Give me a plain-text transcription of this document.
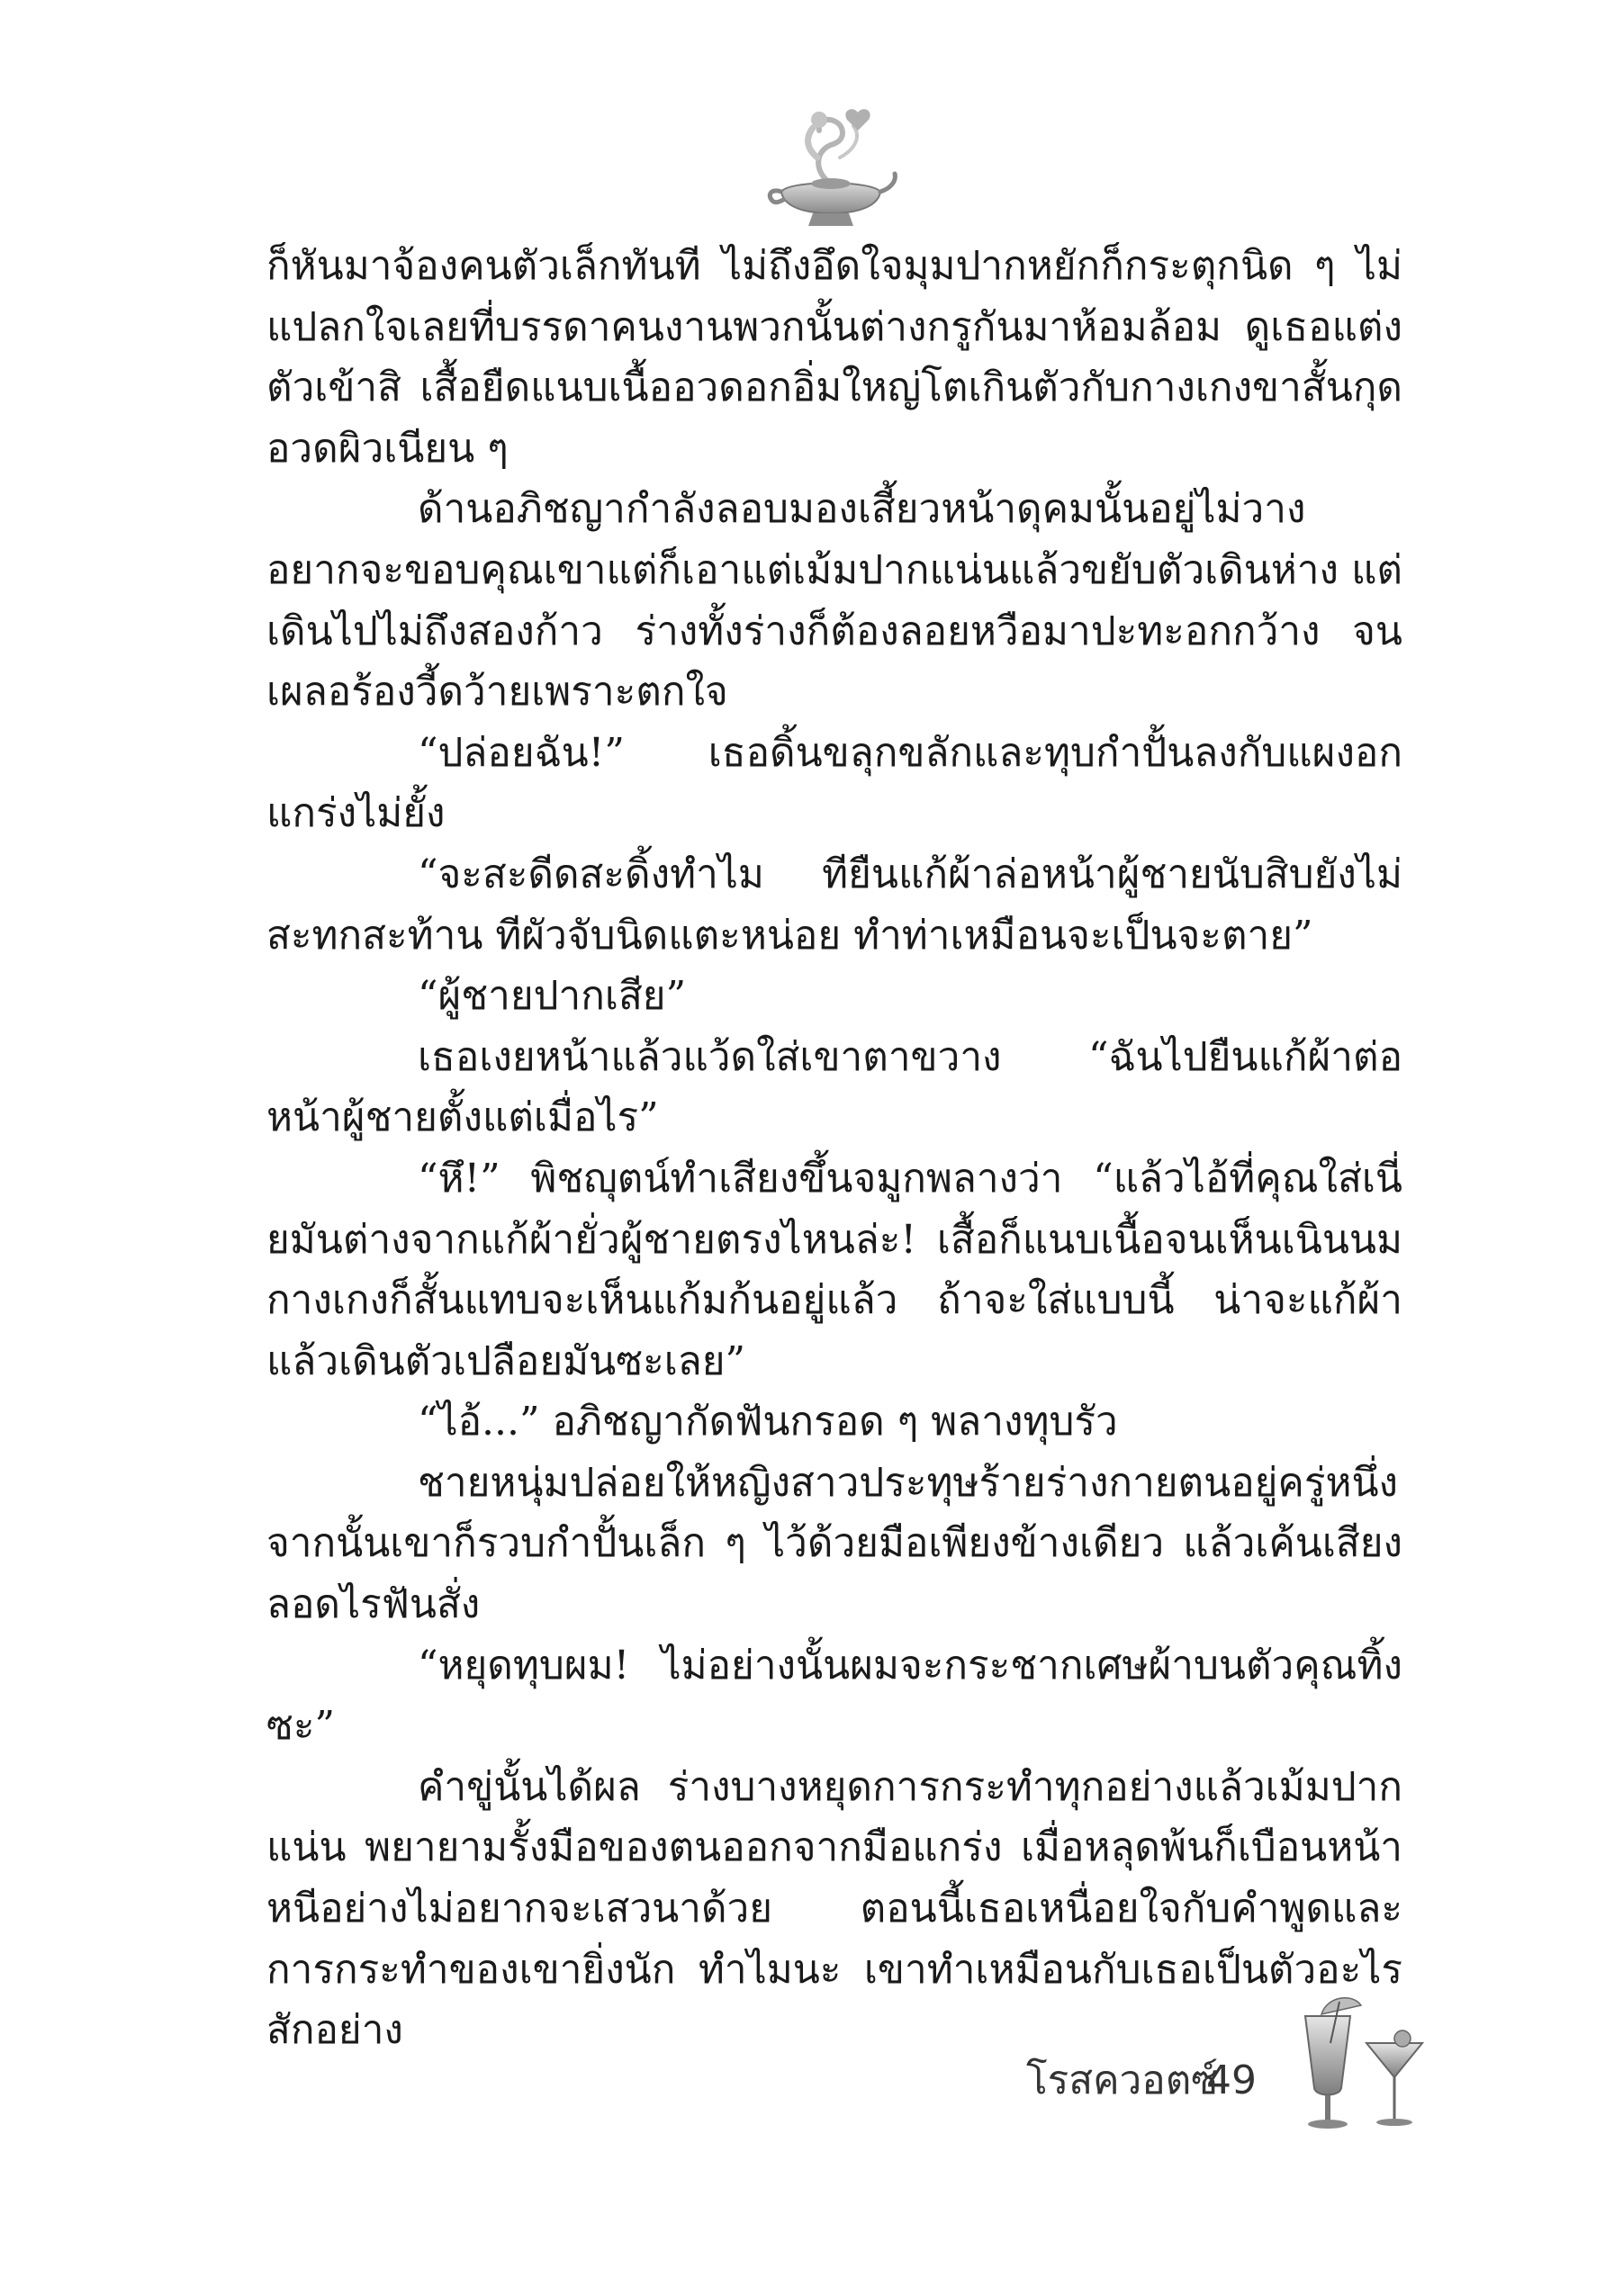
ก็หันมาจ้องคนตัวเล็กทันที ไม่ถึงอึดใจมุมปากหยักก็กระตุกนิด ๆ ไม่แปลกใจเลยที่บรรดาคนงานพวกนั้นต่างกรูกันมาห้อมล้อม ดูเธอแต่งตัวเข้าสิ เสื้อยืดแนบเนื้ออวดอกอิ่มใหญ่โตเกินตัวกับกางเกงขาสั้นกุดอวดผิวเนียน ๆ

ด้านอภิชญากำลังลอบมองเสี้ยวหน้าดุคมนั้นอยู่ไม่วาง อยากจะขอบคุณเขาแต่ก็เอาแต่เม้มปากแน่นแล้วขยับตัวเดินห่าง แต่เดินไปไม่ถึงสองก้าว ร่างทั้งร่างก็ต้องลอยหวือมาปะทะอกกว้าง จนเผลอร้องวี้ดว้ายเพราะตกใจ

“ปล่อยฉัน!” เธอดิ้นขลุกขลักและทุบกำปั้นลงกับแผงอกแกร่งไม่ยั้ง

“จะสะดีดสะดิ้งทำไม ทียืนแก้ผ้าล่อหน้าผู้ชายนับสิบยังไม่สะทกสะท้าน ทีผัวจับนิดแตะหน่อย ทำท่าเหมือนจะเป็นจะตาย”

“ผู้ชายปากเสีย”

เธอเงยหน้าแล้วแว้ดใส่เขาตาขวาง “ฉันไปยืนแก้ผ้าต่อหน้าผู้ชายตั้งแต่เมื่อไร”

“หึ!” พิชญุตน์ทำเสียงขึ้นจมูกพลางว่า “แล้วไอ้ที่คุณใส่เนี่ยมันต่างจากแก้ผ้ายั่วผู้ชายตรงไหนล่ะ! เสื้อก็แนบเนื้อจนเห็นเนินนมกางเกงก็สั้นแทบจะเห็นแก้มก้นอยู่แล้ว ถ้าจะใส่แบบนี้ น่าจะแก้ผ้าแล้วเดินตัวเปลือยมันซะเลย”

“ไอ้...” อภิชญากัดฟันกรอด ๆ พลางทุบรัว

ชายหนุ่มปล่อยให้หญิงสาวประทุษร้ายร่างกายตนอยู่ครู่หนึ่ง จากนั้นเขาก็รวบกำปั้นเล็ก ๆ ไว้ด้วยมือเพียงข้างเดียว แล้วเค้นเสียงลอดไรฟันสั่ง

“หยุดทุบผม! ไม่อย่างนั้นผมจะกระชากเศษผ้าบนตัวคุณทิ้งซะ”

คำขู่นั้นได้ผล ร่างบางหยุดการกระทำทุกอย่างแล้วเม้มปากแน่น พยายามรั้งมือของตนออกจากมือแกร่ง เมื่อหลุดพ้นก็เบือนหน้าหนีอย่างไม่อยากจะเสวนาด้วย ตอนนี้เธอเหนื่อยใจกับคำพูดและการกระทำของเขายิ่งนัก ทำไมนะ เขาทำเหมือนกับเธอเป็นตัวอะไรสักอย่าง

โรสควอตซ์
49
